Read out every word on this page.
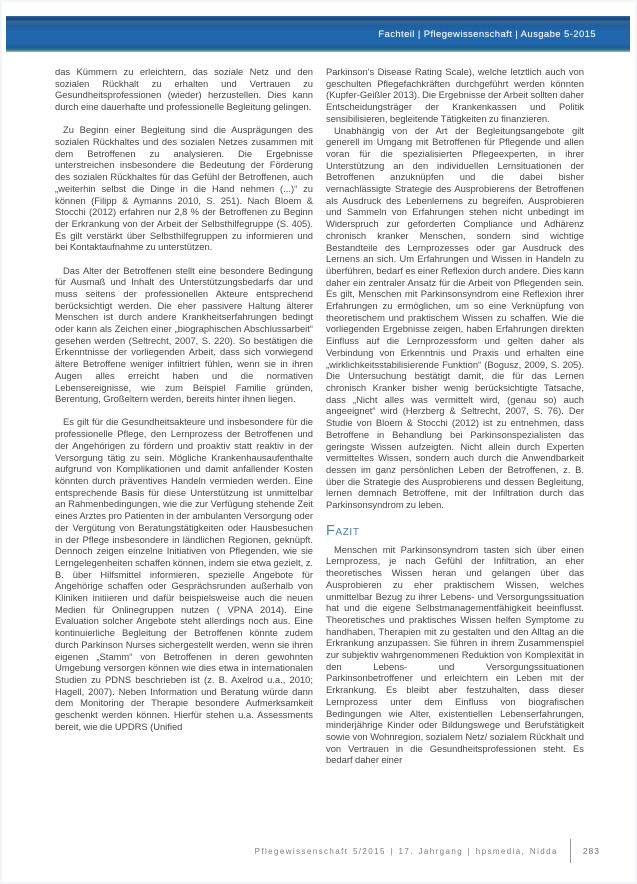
Fachteil | Pflegewissenschaft | Ausgabe 5-2015

das Kümmern zu erleichtern, das soziale Netz und den sozialen Rückhalt zu erhalten und Vertrauen zu Gesundheitsprofessionen (wieder) herzustellen. Dies kann durch eine dauerhafte und professionelle Begleitung gelingen.

Zu Beginn einer Begleitung sind die Ausprägungen des sozialen Rückhaltes und des sozialen Netzes zusammen mit dem Betroffenen zu analysieren. Die Ergebnisse unterstreichen insbesondere die Bedeutung der Förderung des sozialen Rückhaltes für das Gefühl der Betroffenen, auch „weiterhin selbst die Dinge in die Hand nehmen (...)“ zu können (Filipp & Aymanns 2010, S. 251). Nach Bloem & Stocchi (2012) erfahren nur 2,8 % der Betroffenen zu Beginn der Erkrankung von der Arbeit der Selbsthilfegruppe (S. 405). Es gilt verstärkt über Selbsthilfegruppen zu informieren und bei Kontaktaufnahme zu unterstützen.

Das Alter der Betroffenen stellt eine besondere Bedingung für Ausmaß und Inhalt des Unterstützungsbedarfs dar und muss seitens der professionellen Akteure entsprechend berücksichtigt werden. Die eher passivere Haltung älterer Menschen ist durch andere Krankheitserfahrungen bedingt oder kann als Zeichen einer „biographischen Abschlussarbeit“ gesehen werden (Seltrecht, 2007, S. 220). So bestätigen die Erkenntnisse der vorliegenden Arbeit, dass sich vorwiegend ältere Betroffene weniger infiltriert fühlen, wenn sie in ihren Augen alles erreicht haben und die normativen Lebensereignisse, wie zum Beispiel Familie gründen, Berentung, Großeltern werden, bereits hinter ihnen liegen.

Es gilt für die Gesundheitsakteure und insbesondere für die professionelle Pflege, den Lernprozess der Betroffenen und der Angehörigen zu fördern und proaktiv statt reaktiv in der Versorgung tätig zu sein. Mögliche Krankenhausaufenthalte aufgrund von Komplikationen und damit anfallender Kosten könnten durch präventives Handeln vermieden werden. Eine entsprechende Basis für diese Unterstützung ist unmittelbar an Rahmenbedingungen, wie die zur Verfügung stehende Zeit eines Arztes pro Patienten in der ambulanten Versorgung oder der Vergütung von Beratungstätigkeiten oder Hausbesuchen in der Pflege insbesondere in ländlichen Regionen, geknüpft. Dennoch zeigen einzelne Initiativen von Pflegenden, wie sie Lerngelegenheiten schaffen können, indem sie etwa gezielt, z. B. über Hilfsmittel informieren, spezielle Angebote für Angehörige schaffen oder Gesprächsrunden außerhalb von Kliniken initiieren und dafür beispielsweise auch die neuen Medien für Onlinegruppen nutzen ( VPNA 2014). Eine Evaluation solcher Angebote steht allerdings noch aus. Eine kontinuierliche Begleitung der Betroffenen könnte zudem durch Parkinson Nurses sichergestellt werden, wenn sie ihren eigenen „Stamm“ von Betroffenen in deren gewohnten Umgebung versorgen können wie dies etwa in internationalen Studien zu PDNS beschrieben ist (z. B. Axelrod u.a., 2010; Hagell, 2007). Neben Information und Beratung würde dann dem Monitoring der Therapie besondere Aufmerksamkeit geschenkt werden können. Hierfür stehen u.a. Assessments bereit, wie die UPDRS (Unified

Parkinson's Disease Rating Scale), welche letztlich auch von geschulten Pflegefachkräften durchgeführt werden könnten (Kupfer-Geißler 2013). Die Ergebnisse der Arbeit sollten daher Entscheidungsträger der Krankenkassen und Politik sensibilisieren, begleitende Tätigkeiten zu finanzieren.

Unabhängig von der Art der Begleitungsangebote gilt generell im Umgang mit Betroffenen für Pflegende und allen voran für die spezialisierten Pflegeexperten, in ihrer Unterstützung an den individuellen Lernsituationen der Betroffenen anzuknüpfen und die dabei bisher vernachlässigte Strategie des Ausprobierens der Betroffenen als Ausdruck des Lebenlernens zu begreifen. Ausprobieren und Sammeln von Erfahrungen stehen nicht unbedingt im Widerspruch zur geforderten Compliance und Adhärenz chronisch kranker Menschen, sondern sind wichtige Bestandteile des Lernprozesses oder gar Ausdruck des Lernens an sich. Um Erfahrungen und Wissen in Handeln zu überführen, bedarf es einer Reflexion durch andere. Dies kann daher ein zentraler Ansatz für die Arbeit von Pflegenden sein. Es gilt, Menschen mit Parkinsonsyndrom eine Reflexion ihrer Erfahrungen zu ermöglichen, um so eine Verknüpfung von theoretischem und praktischem Wissen zu schaffen. Wie die vorliegenden Ergebnisse zeigen, haben Erfahrungen direkten Einfluss auf die Lernprozessform und gelten daher als Verbindung von Erkenntnis und Praxis und erhalten eine „wirklichkeitsstabilisierende Funktion“ (Bogusz, 2009, S. 205). Die Untersuchung bestätigt damit, die für das Lernen chronisch Kranker bisher wenig berücksichtigte Tatsache, dass „Nicht alles was vermittelt wird, (genau so) auch angeeignet“ wird (Herzberg & Seltrecht, 2007, S. 76). Der Studie von Bloem & Stocchi (2012) ist zu entnehmen, dass Betroffene in Behandlung bei Parkinsonspezialisten das geringste Wissen aufzeigten. Nicht allein durch Experten vermitteltes Wissen, sondern auch durch die Anwendbarkeit dessen im ganz persönlichen Leben der Betroffenen, z. B. über die Strategie des Ausprobierens und dessen Begleitung, lernen demnach Betroffene, mit der Infiltration durch das Parkinsonsyndrom zu leben.

Fazit

Menschen mit Parkinsonsyndrom tasten sich über einen Lernprozess, je nach Gefühl der Infiltration, an eher theoretisches Wissen heran und gelangen über das Ausprobieren zu eher praktischem Wissen, welches unmittelbar Bezug zu ihrer Lebens- und Versorgungssituation hat und die eigene Selbstmanagementfähigkeit beeinflusst. Theoretisches und praktisches Wissen helfen Symptome zu handhaben, Therapien mit zu gestalten und den Alltag an die Erkrankung anzupassen. Sie führen in ihrem Zusammenspiel zur subjektiv wahrgenommenen Reduktion von Komplexität in den Lebens- und Versorgungssituationen Parkinsonbetroffener und erleichtern ein Leben mit der Erkrankung. Es bleibt aber festzuhalten, dass dieser Lernprozess unter dem Einfluss von biografischen Bedingungen wie Alter, existentiellen Lebenserfahrungen, minderjährige Kinder oder Bildungswege und Berufstätigkeit sowie von Wohnregion, sozialem Netz/ sozialem Rückhalt und von Vertrauen in die Gesundheitsprofessionen steht. Es bedarf daher einer

Pflegewissenschaft 5/2015 | 17. Jahrgang | hpsmedia, Nidda	283
